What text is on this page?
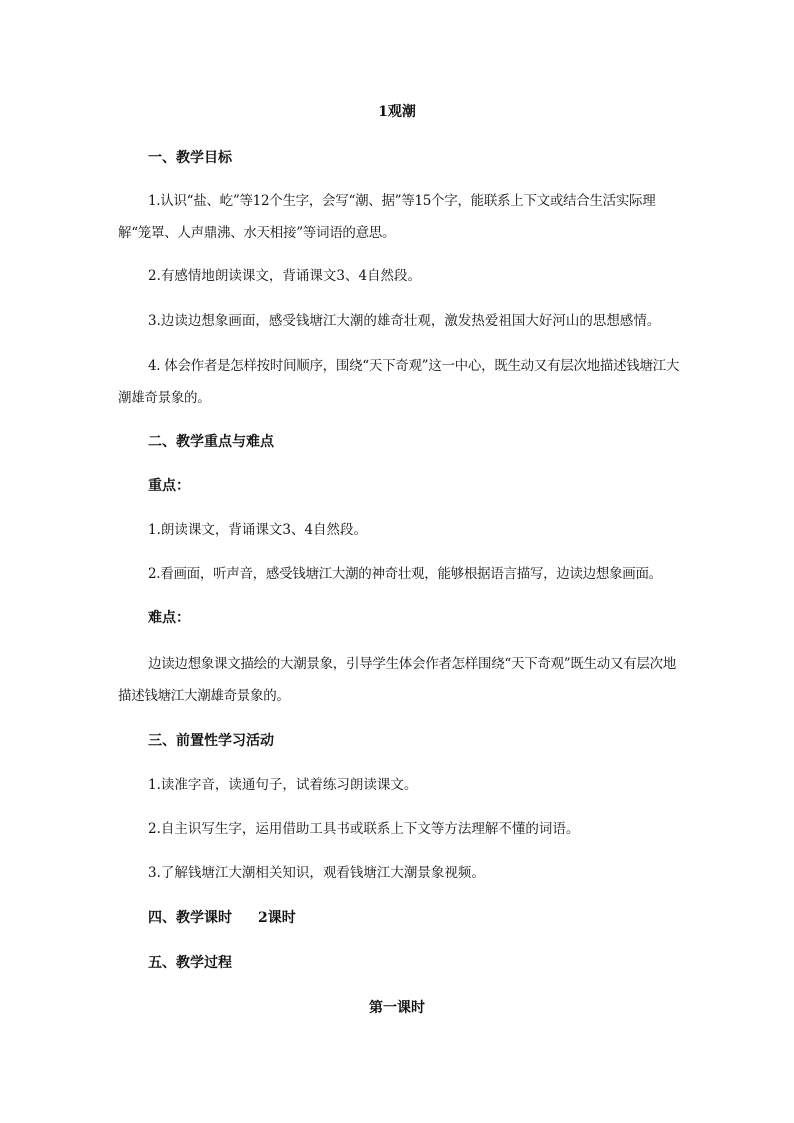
1观潮
一、教学目标
1.认识“盐、屹”等12个生字，会写“潮、据”等15个字，能联系上下文或结合生活实际理解“笼罩、人声鼎沸、水天相接”等词语的意思。
2.有感情地朗读课文，背诵课文3、4自然段。
3.边读边想象画面，感受钱塘江大潮的雄奇壮观，激发热爱祖国大好河山的思想感情。
4. 体会作者是怎样按时间顺序，围绕“天下奇观”这一中心，既生动又有层次地描述钱塘江大潮雄奇景象的。
二、教学重点与难点
重点：
1.朗读课文，背诵课文3、4自然段。
2.看画面，听声音，感受钱塘江大潮的神奇壮观，能够根据语言描写，边读边想象画面。
难点：
边读边想象课文描绘的大潮景象，引导学生体会作者怎样围绕“天下奇观”既生动又有层次地描述钱塘江大潮雄奇景象的。
三、前置性学习活动
1.读准字音，读通句子，试着练习朗读课文。
2.自主识写生字，运用借助工具书或联系上下文等方法理解不懂的词语。
3.了解钱塘江大潮相关知识，观看钱塘江大潮景象视频。
四、教学课时 2课时
五、教学过程
第一课时
